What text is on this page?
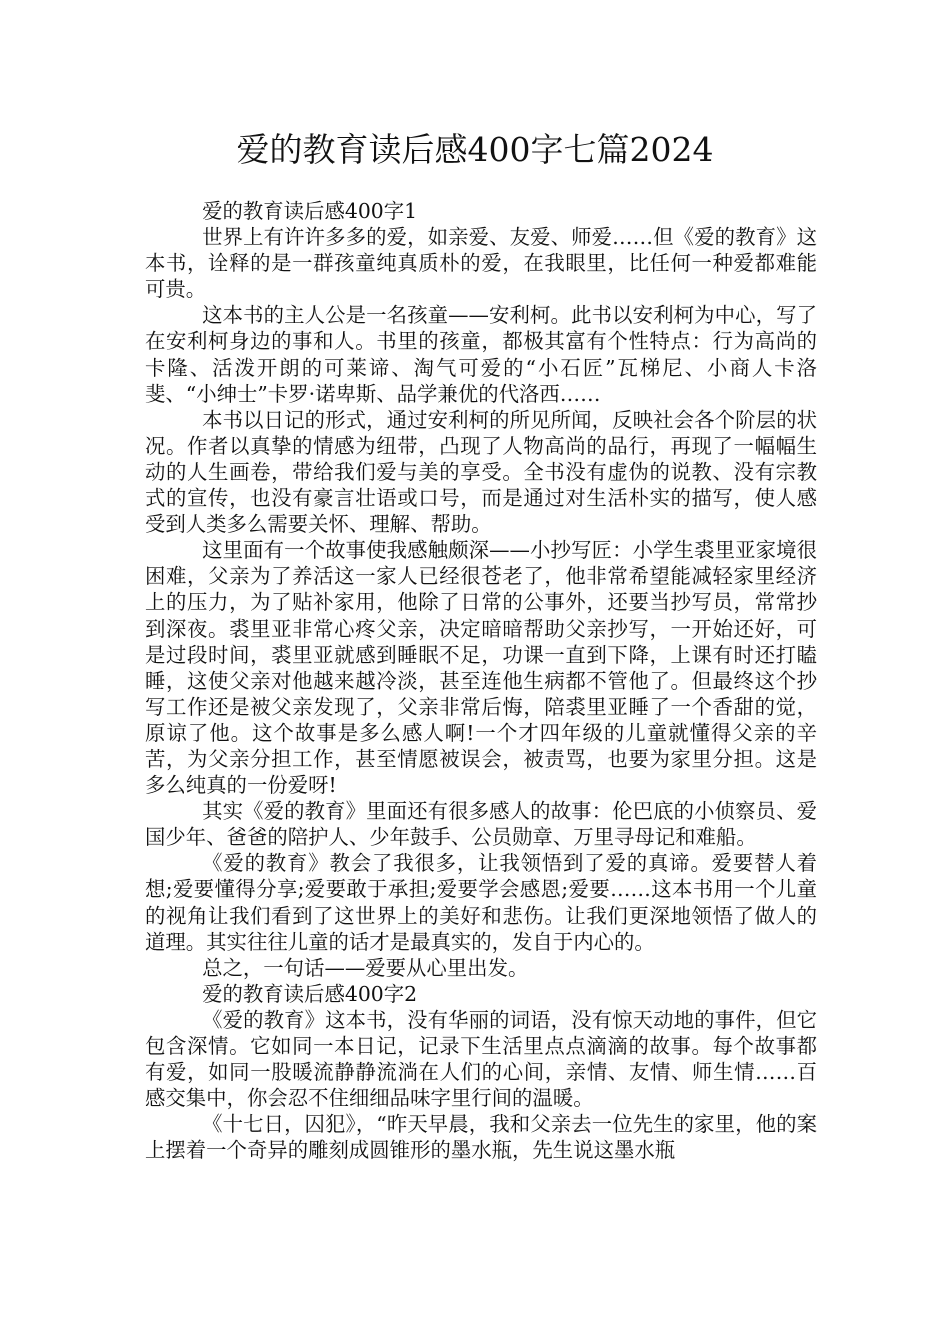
爱的教育读后感400字七篇2024

爱的教育读后感400字1

世界上有许许多多的爱，如亲爱、友爱、师爱……但《爱的教育》这本书，诠释的是一群孩童纯真质朴的爱，在我眼里，比任何一种爱都难能可贵。

这本书的主人公是一名孩童——安利柯。此书以安利柯为中心，写了在安利柯身边的事和人。书里的孩童，都极其富有个性特点：行为高尚的卡隆、活泼开朗的可莱谛、淘气可爱的“小石匠”瓦梯尼、小商人卡洛斐、“小绅士”卡罗·诺卑斯、品学兼优的代洛西……

本书以日记的形式，通过安利柯的所见所闻，反映社会各个阶层的状况。作者以真挚的情感为纽带，凸现了人物高尚的品行，再现了一幅幅生动的人生画卷，带给我们爱与美的享受。全书没有虚伪的说教、没有宗教式的宣传，也没有豪言壮语或口号，而是通过对生活朴实的描写，使人感受到人类多么需要关怀、理解、帮助。

这里面有一个故事使我感触颇深——小抄写匠：小学生裘里亚家境很困难，父亲为了养活这一家人已经很苍老了，他非常希望能减轻家里经济上的压力，为了贴补家用，他除了日常的公事外，还要当抄写员，常常抄到深夜。裘里亚非常心疼父亲，决定暗暗帮助父亲抄写，一开始还好，可是过段时间，裘里亚就感到睡眠不足，功课一直到下降，上课有时还打瞌睡，这使父亲对他越来越冷淡，甚至连他生病都不管他了。但最终这个抄写工作还是被父亲发现了，父亲非常后悔，陪裘里亚睡了一个香甜的觉，原谅了他。这个故事是多么感人啊!一个才四年级的儿童就懂得父亲的辛苦，为父亲分担工作，甚至情愿被误会，被责骂，也要为家里分担。这是多么纯真的一份爱呀!

其实《爱的教育》里面还有很多感人的故事：伦巴底的小侦察员、爱国少年、爸爸的陪护人、少年鼓手、公员勋章、万里寻母记和难船。

《爱的教育》教会了我很多，让我领悟到了爱的真谛。爱要替人着想;爱要懂得分享;爱要敢于承担;爱要学会感恩;爱要……这本书用一个儿童的视角让我们看到了这世界上的美好和悲伤。让我们更深地领悟了做人的道理。其实往往儿童的话才是最真实的，发自于内心的。

总之，一句话——爱要从心里出发。

爱的教育读后感400字2

《爱的教育》这本书，没有华丽的词语，没有惊天动地的事件，但它包含深情。它如同一本日记，记录下生活里点点滴滴的故事。每个故事都有爱，如同一股暖流静静流淌在人们的心间，亲情、友情、师生情……百感交集中，你会忍不住细细品味字里行间的温暖。

《十七日，囚犯》，“昨天早晨，我和父亲去一位先生的家里，他的案上摆着一个奇异的雕刻成圆锥形的墨水瓶，先生说这墨水瓶
